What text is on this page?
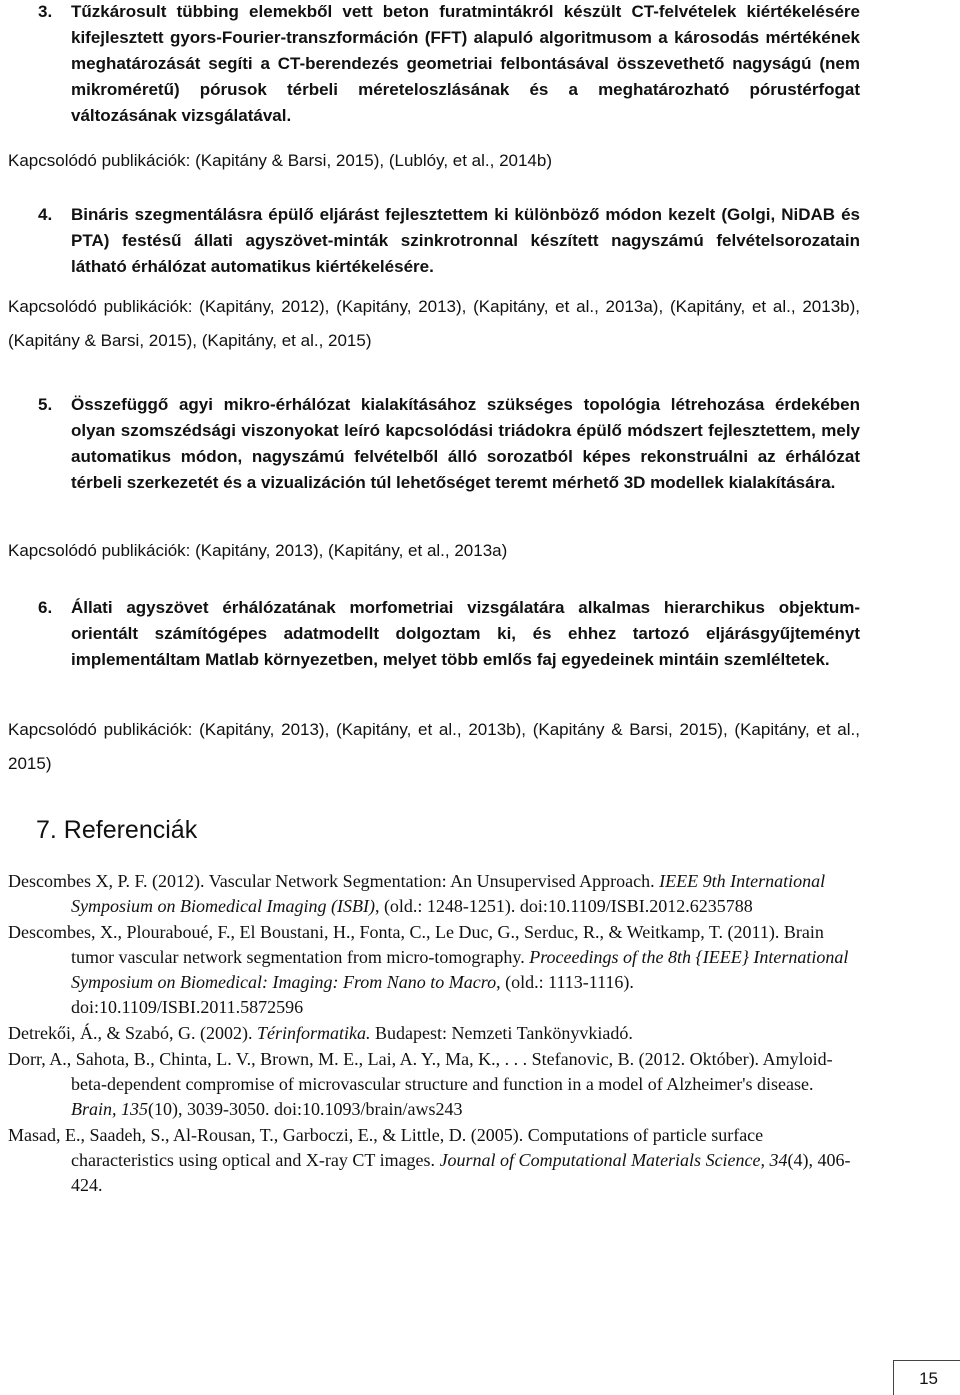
3. Tűzkárosult tübbing elemekből vett beton furatmintákról készült CT-felvételek kiértékelésére kifejlesztett gyors-Fourier-transzformáción (FFT) alapuló algoritmusom a károsodás mértékének meghatározását segíti a CT-berendezés geometriai felbontásával összevethető nagyságú (nem mikroméretű) pórusok térbeli méreteloszlásának és a meghatározható pórustérfogat változásának vizsgálatával.
Kapcsolódó publikációk: (Kapitány & Barsi, 2015), (Lublóy, et al., 2014b)
4. Bináris szegmentálásra épülő eljárást fejlesztettem ki különböző módon kezelt (Golgi, NiDAB és PTA) festésű állati agyszövet-minták szinkrotronnal készített nagyszámú felvételsorozatain látható érhálózat automatikus kiértékelésére.
Kapcsolódó publikációk: (Kapitány, 2012), (Kapitány, 2013), (Kapitány, et al., 2013a), (Kapitány, et al., 2013b), (Kapitány & Barsi, 2015), (Kapitány, et al., 2015)
5. Összefüggő agyi mikro-érhálózat kialakításához szükséges topológia létrehozása érdekében olyan szomszédsági viszonyokat leíró kapcsolódási triádokra épülő módszert fejlesztettem, mely automatikus módon, nagyszámú felvételből álló sorozatból képes rekonstruálni az érhálózat térbeli szerkezetét és a vizualizáción túl lehetőséget teremt mérhető 3D modellek kialakítására.
Kapcsolódó publikációk: (Kapitány, 2013), (Kapitány, et al., 2013a)
6. Állati agyszövet érhálózatának morfometriai vizsgálatára alkalmas hierarchikus objektum-orientált számítógépes adatmodellt dolgoztam ki, és ehhez tartozó eljárásgyűjteményt implementáltam Matlab környezetben, melyet több emlős faj egyedeinek mintáin szemléltetek.
Kapcsolódó publikációk: (Kapitány, 2013), (Kapitány, et al., 2013b), (Kapitány & Barsi, 2015), (Kapitány, et al., 2015)
7. Referenciák

Descombes X, P. F. (2012). Vascular Network Segmentation: An Unsupervised Approach. IEEE 9th International Symposium on Biomedical Imaging (ISBI), (old.: 1248-1251). doi:10.1109/ISBI.2012.6235788

Descombes, X., Plouraboué, F., El Boustani, H., Fonta, C., Le Duc, G., Serduc, R., & Weitkamp, T. (2011). Brain tumor vascular network segmentation from micro-tomography. Proceedings of the 8th {IEEE} International Symposium on Biomedical: Imaging: From Nano to Macro, (old.: 1113-1116). doi:10.1109/ISBI.2011.5872596

Detrekői, Á., & Szabó, G. (2002). Térinformatika. Budapest: Nemzeti Tankönyvkiadó.

Dorr, A., Sahota, B., Chinta, L. V., Brown, M. E., Lai, A. Y., Ma, K., . . . Stefanovic, B. (2012. Október). Amyloid-beta-dependent compromise of microvascular structure and function in a model of Alzheimer's disease. Brain, 135(10), 3039-3050. doi:10.1093/brain/aws243

Masad, E., Saadeh, S., Al-Rousan, T., Garboczi, E., & Little, D. (2005). Computations of particle surface characteristics using optical and X-ray CT images. Journal of Computational Materials Science, 34(4), 406-424.

15
